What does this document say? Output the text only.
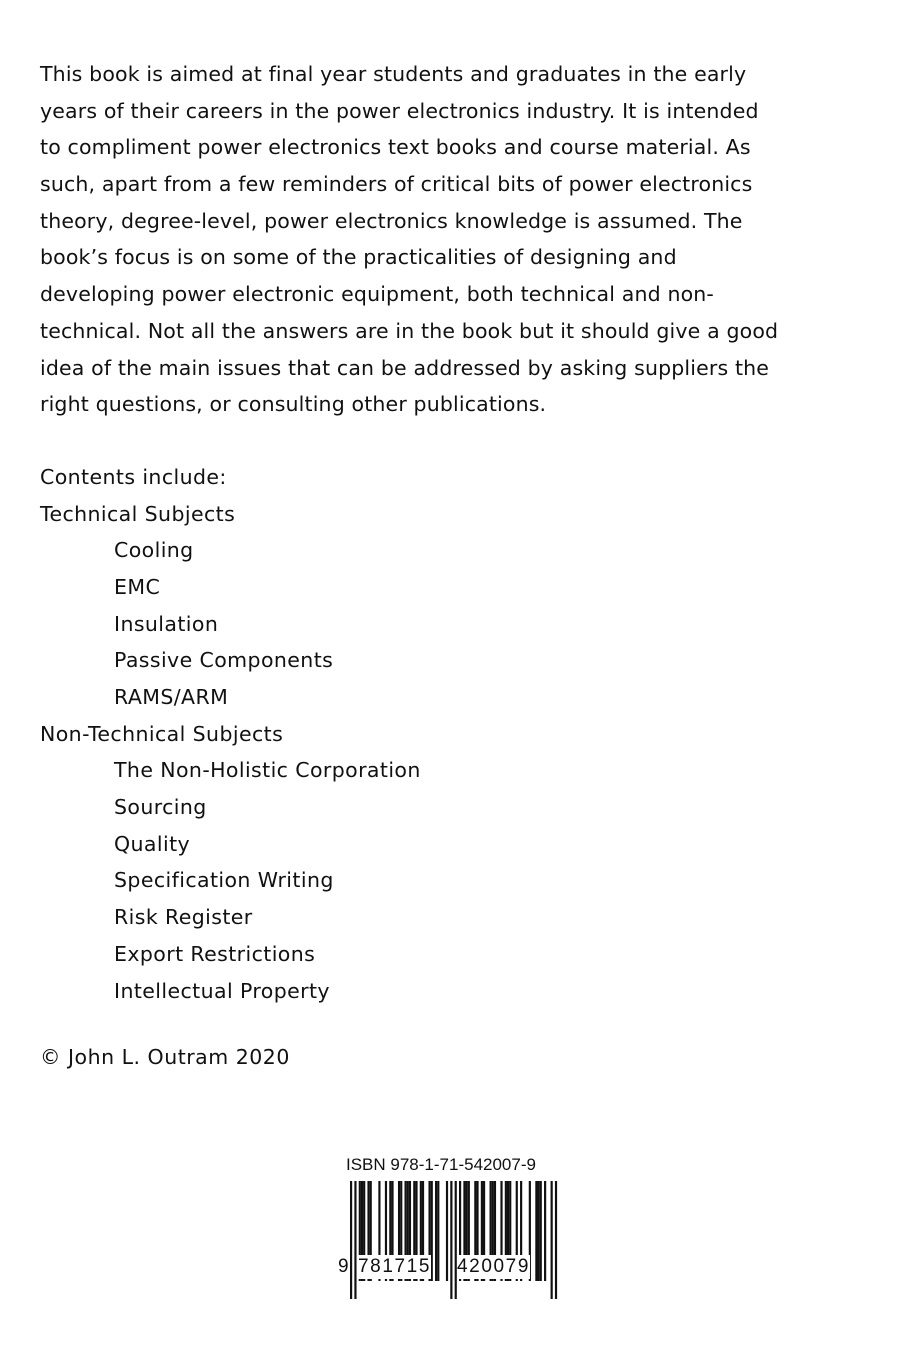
This book is aimed at final year students and graduates in the early
years of their careers in the power electronics industry. It is intended
to compliment power electronics text books and course material. As
such, apart from a few reminders of critical bits of power electronics
theory, degree-level, power electronics knowledge is assumed. The
book’s focus is on some of the practicalities of designing and
developing power electronic equipment, both technical and non-
technical. Not all the answers are in the book but it should give a good
idea of the main issues that can be addressed by asking suppliers the
right questions, or consulting other publications.
Contents include:
Technical Subjects
Cooling
EMC
Insulation
Passive Components
RAMS/ARM
Non-Technical Subjects
The Non-Holistic Corporation
Sourcing
Quality
Specification Writing
Risk Register
Export Restrictions
Intellectual Property
© John L. Outram 2020
ISBN 978-1-71-542007-9
9 781715 420079
